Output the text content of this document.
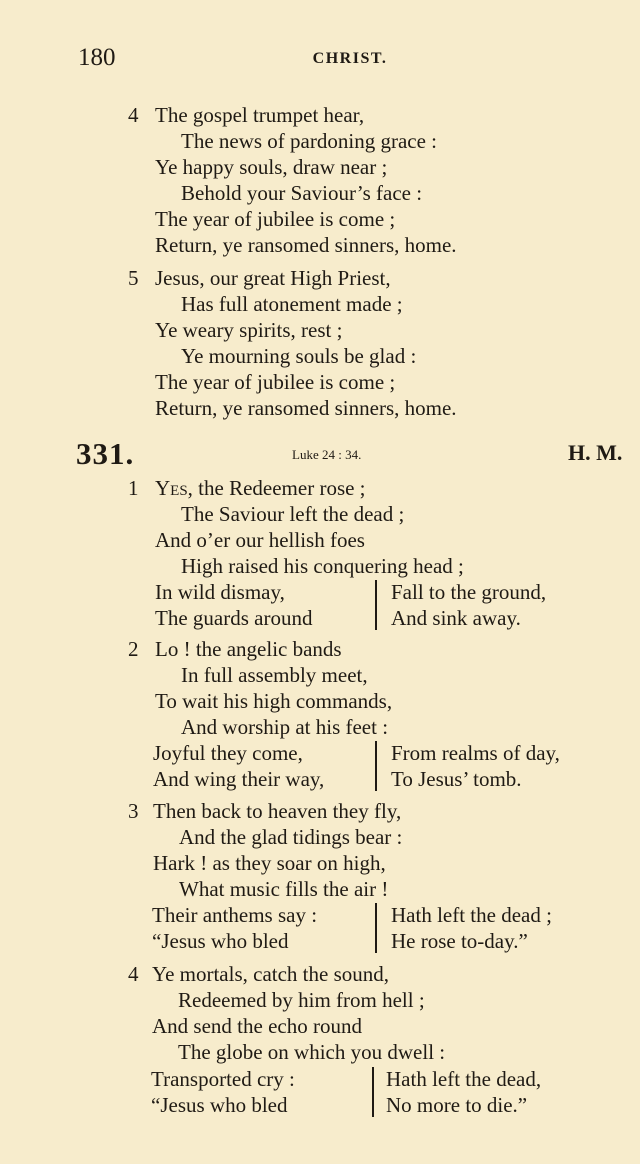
180	CHRIST.
4 The gospel trumpet hear,
The news of pardoning grace :
Ye happy souls, draw near ;
Behold your Saviour’s face :
The year of jubilee is come ;
Return, ye ransomed sinners, home.
5 Jesus, our great High Priest,
Has full atonement made ;
Ye weary spirits, rest ;
Ye mourning souls be glad :
The year of jubilee is come ;
Return, ye ransomed sinners, home.
331.	Luke 24 : 34.	H. M.
1 Yes, the Redeemer rose ;
The Saviour left the dead ;
And o’er our hellish foes
High raised his conquering head ;
In wild dismay,
The guards around
Fall to the ground,
And sink away.
2 Lo ! the angelic bands
In full assembly meet,
To wait his high commands,
And worship at his feet :
Joyful they come,
And wing their way,
From realms of day,
To Jesus’ tomb.
3 Then back to heaven they fly,
And the glad tidings bear :
Hark ! as they soar on high,
What music fills the air !
Their anthems say :
“Jesus who bled
Hath left the dead ;
He rose to-day.”
4 Ye mortals, catch the sound,
Redeemed by him from hell ;
And send the echo round
The globe on which you dwell :
Transported cry :
“Jesus who bled
Hath left the dead,
No more to die.”
